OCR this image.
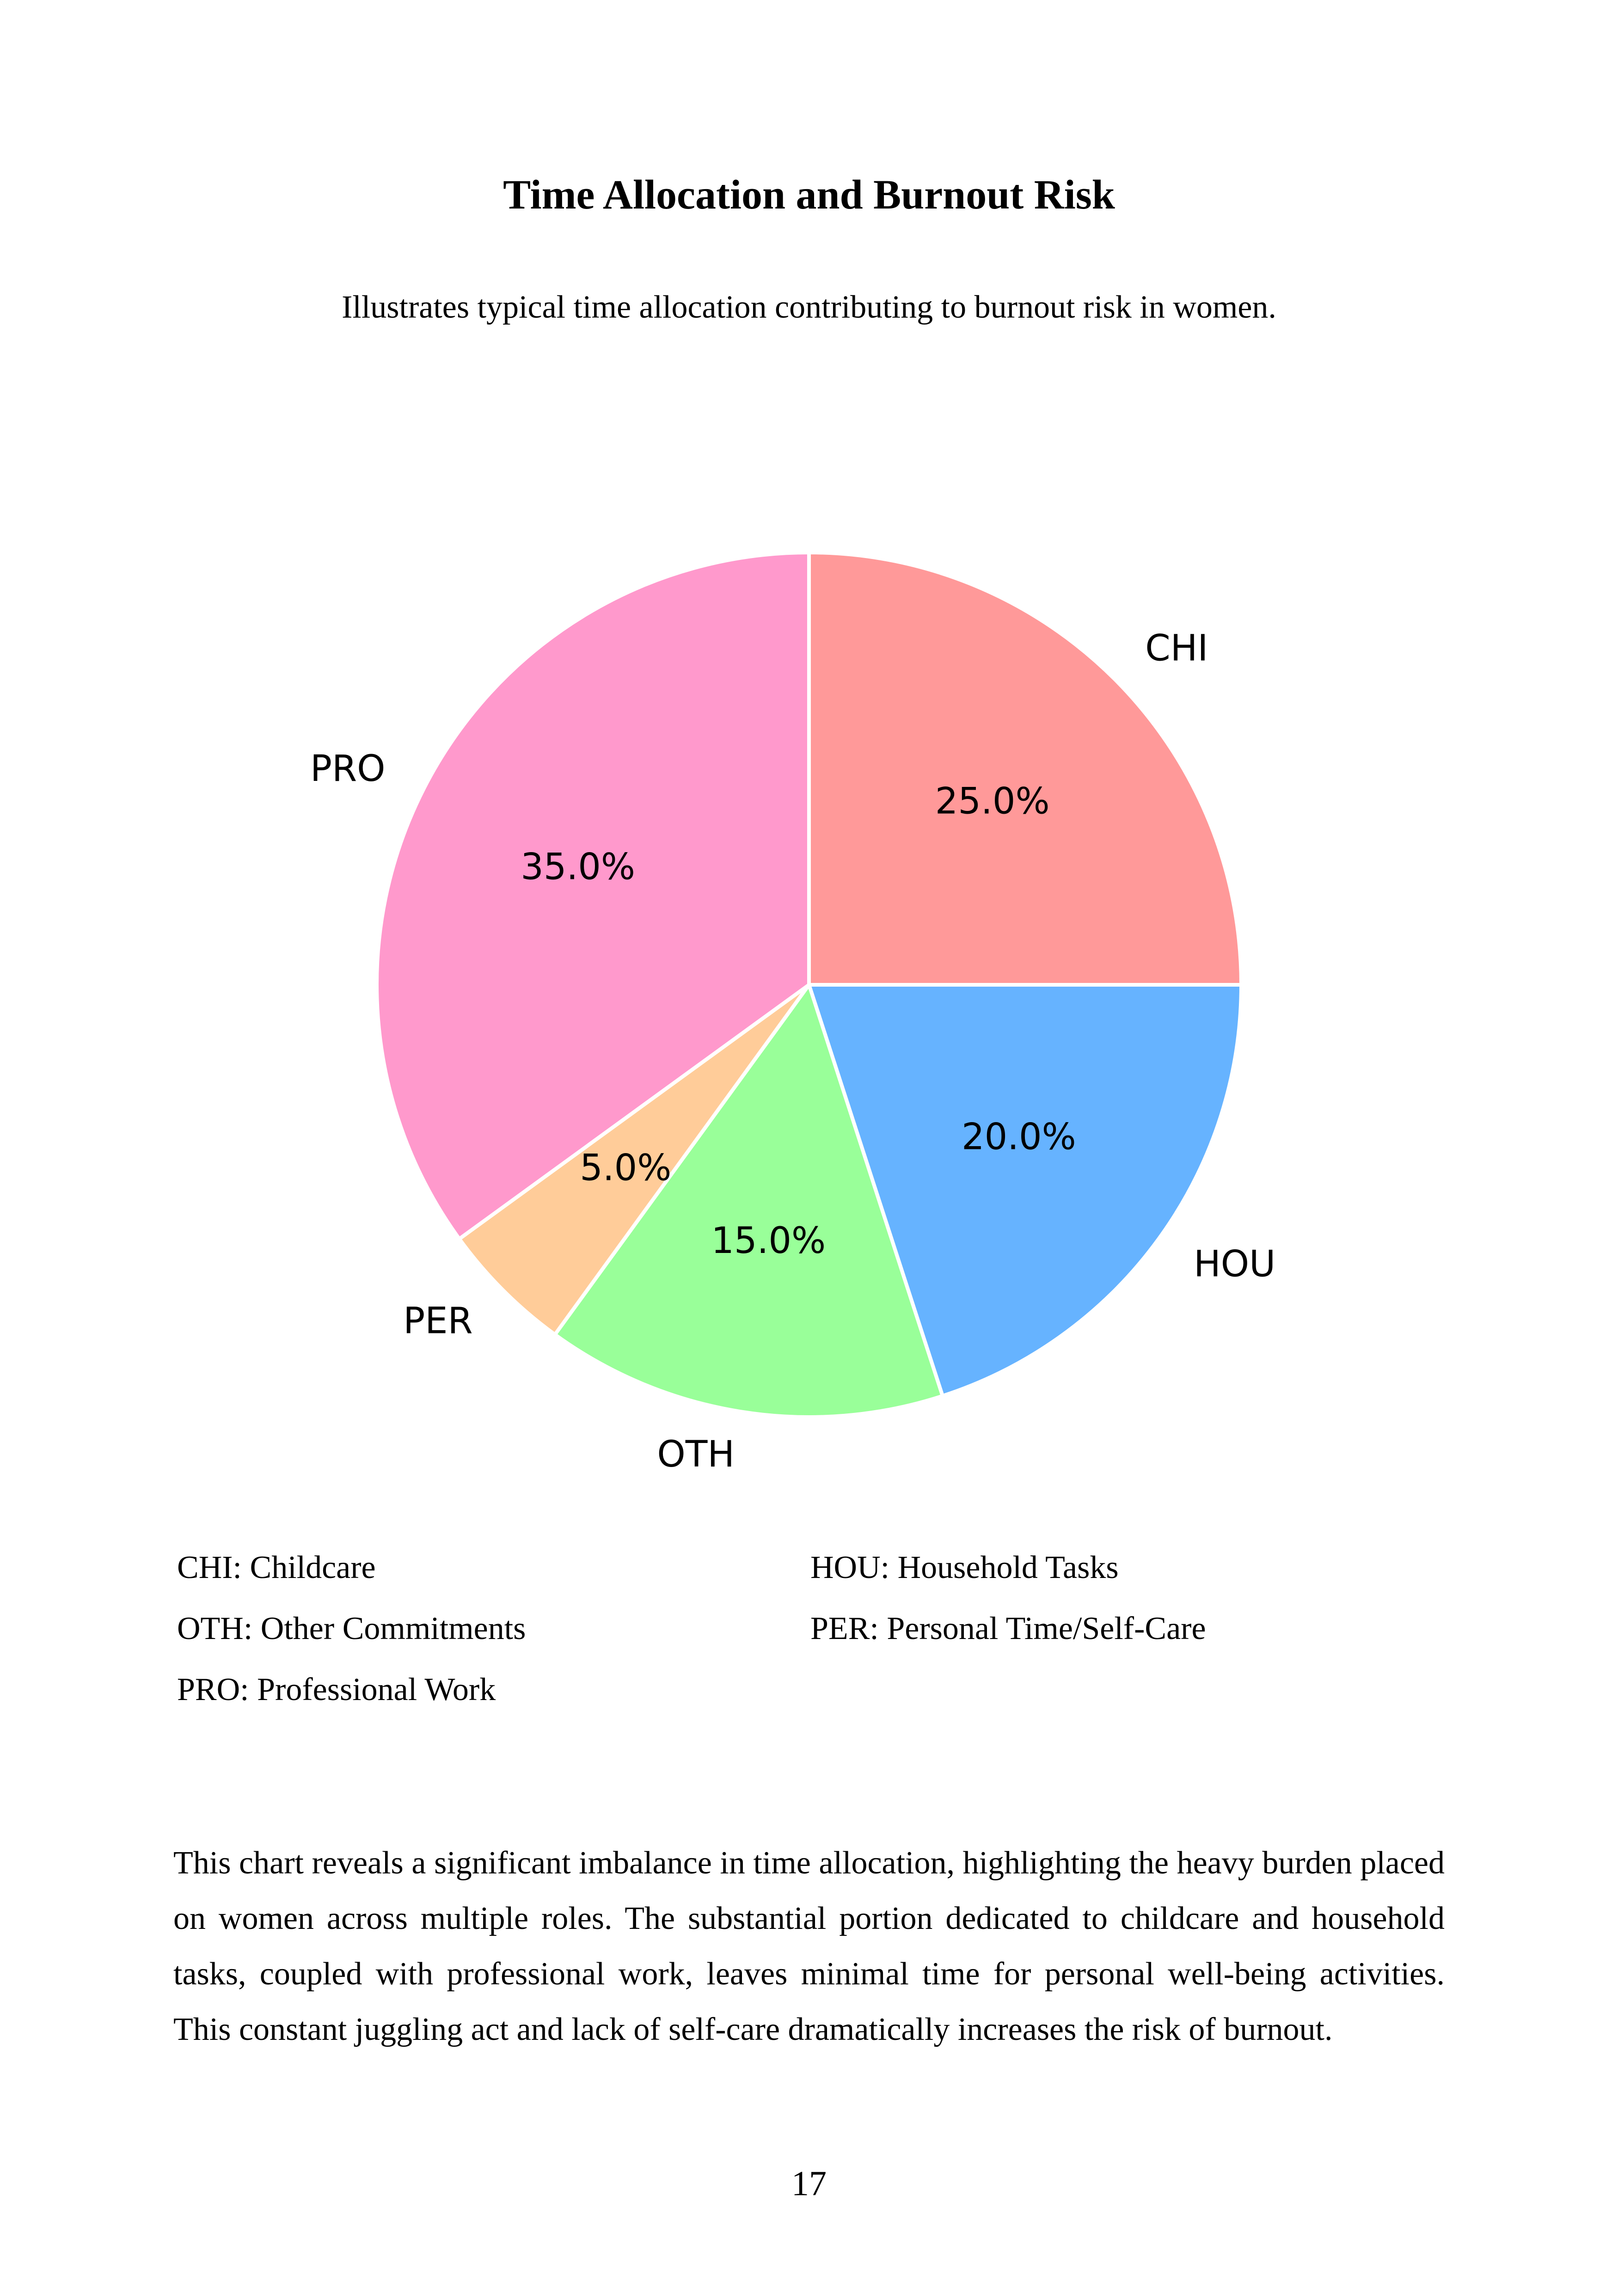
Time Allocation and Burnout Risk
Illustrates typical time allocation contributing to burnout risk in women.
25.0%
CHI
20.0%
HOU
15.0%
OTH
5.0%
PER
35.0%
PRO
CHI: Childcare	HOU: Household Tasks
OTH: Other Commitments	PER: Personal Time/Self-Care
PRO: Professional Work
This chart reveals a significant imbalance in time allocation, highlighting the heavy burden placed on women across multiple roles. The substantial portion dedicated to childcare and household tasks, coupled with professional work, leaves minimal time for personal well-being activities. This constant juggling act and lack of self-care dramatically increases the risk of burnout.
17
